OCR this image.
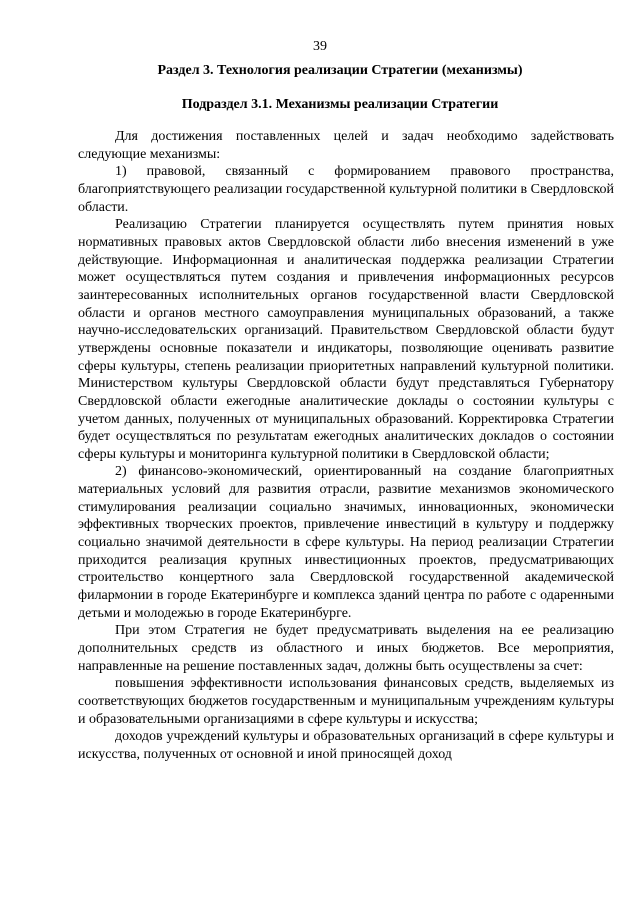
39
Раздел 3. Технология реализации Стратегии (механизмы)
Подраздел 3.1. Механизмы реализации Стратегии

Для достижения поставленных целей и задач необходимо задействовать следующие механизмы:

1) правовой, связанный с формированием правового пространства, благоприятствующего реализации государственной культурной политики в Свердловской области.

Реализацию Стратегии планируется осуществлять путем принятия новых нормативных правовых актов Свердловской области либо внесения изменений в уже действующие. Информационная и аналитическая поддержка реализации Стратегии может осуществляться путем создания и привлечения информационных ресурсов заинтересованных исполнительных органов государственной власти Свердловской области и органов местного самоуправления муниципальных образований, а также научно-исследовательских организаций. Правительством Свердловской области будут утверждены основные показатели и индикаторы, позволяющие оценивать развитие сферы культуры, степень реализации приоритетных направлений культурной политики. Министерством культуры Свердловской области будут представляться Губернатору Свердловской области ежегодные аналитические доклады о состоянии культуры с учетом данных, полученных от муниципальных образований. Корректировка Стратегии будет осуществляться по результатам ежегодных аналитических докладов о состоянии сферы культуры и мониторинга культурной политики в Свердловской области;

2) финансово-экономический, ориентированный на создание благоприятных материальных условий для развития отрасли, развитие механизмов экономического стимулирования реализации социально значимых, инновационных, экономически эффективных творческих проектов, привлечение инвестиций в культуру и поддержку социально значимой деятельности в сфере культуры. На период реализации Стратегии приходится реализация крупных инвестиционных проектов, предусматривающих строительство концертного зала Свердловской государственной академической филармонии в городе Екатеринбурге и комплекса зданий центра по работе с одаренными детьми и молодежью в городе Екатеринбурге.

При этом Стратегия не будет предусматривать выделения на ее реализацию дополнительных средств из областного и иных бюджетов. Все мероприятия, направленные на решение поставленных задач, должны быть осуществлены за счет:

повышения эффективности использования финансовых средств, выделяемых из соответствующих бюджетов государственным и муниципальным учреждениям культуры и образовательными организациями в сфере культуры и искусства;

доходов учреждений культуры и образовательных организаций в сфере культуры и искусства, полученных от основной и иной приносящей доход
